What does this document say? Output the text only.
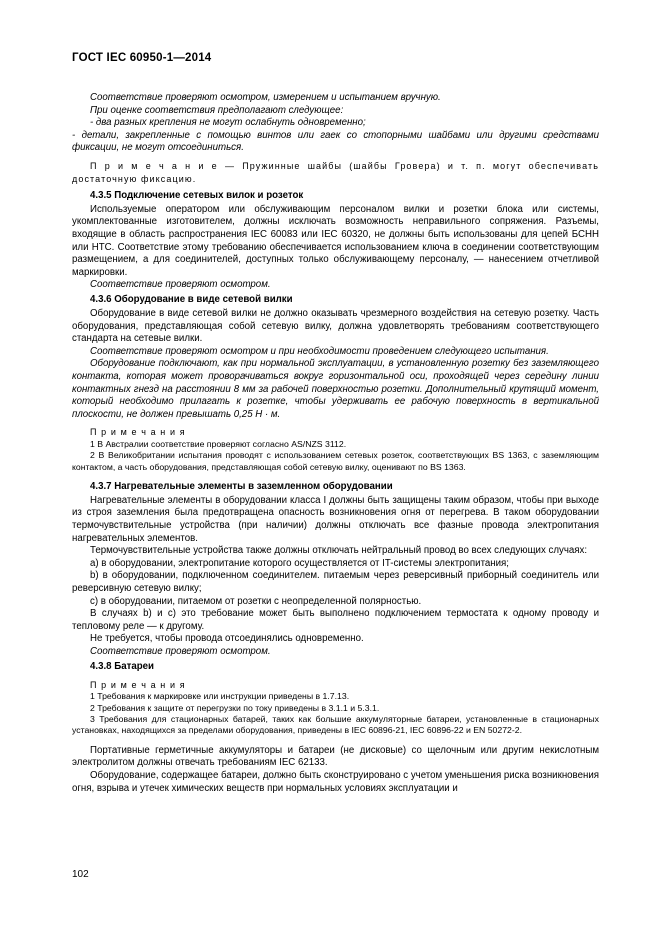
ГОСТ IEC 60950-1—2014

Соответствие проверяют осмотром, измерением и испытанием вручную.

При оценке соответствия предполагают следующее:

- два разных крепления не могут ослабнуть одновременно;

- детали, закрепленные с помощью винтов или гаек со стопорными шайбами или другими средствами фиксации, не могут отсоединиться.

П р и м е ч а н и е — Пружинные шайбы (шайбы Гровера) и т. п. могут обеспечивать достаточную фиксацию.

4.3.5 Подключение сетевых вилок и розеток

Используемые оператором или обслуживающим персоналом вилки и розетки блока или системы, укомплектованные изготовителем, должны исключать возможность неправильного сопряжения. Разъемы, входящие в область распространения IEC 60083 или IEC 60320, не должны быть использованы для цепей БСНН или НТС. Соответствие этому требованию обеспечивается использованием ключа в соединении соответствующим размещением, а для соединителей, доступных только обслуживающему персоналу, — нанесением отчетливой маркировки.

Соответствие проверяют осмотром.

4.3.6 Оборудование в виде сетевой вилки

Оборудование в виде сетевой вилки не должно оказывать чрезмерного воздействия на сетевую розетку. Часть оборудования, представляющая собой сетевую вилку, должна удовлетворять требованиям соответствующего стандарта на сетевые вилки.

Соответствие проверяют осмотром и при необходимости проведением следующего испытания.

Оборудование подключают, как при нормальной эксплуатации, в установленную розетку без заземляющего контакта, которая может проворачиваться вокруг горизонтальной оси, проходящей через середину линии контактных гнезд на расстоянии 8 мм за рабочей поверхностью розетки. Дополнительный крутящий момент, который необходимо прилагать к розетке, чтобы удерживать ее рабочую поверхность в вертикальной плоскости, не должен превышать 0,25 Н · м.

П р и м е ч а н и я

1 В Австралии соответствие проверяют согласно AS/NZS 3112.

2 В Великобритании испытания проводят с использованием сетевых розеток, соответствующих BS 1363, с заземляющим контактом, а часть оборудования, представляющая собой сетевую вилку, оценивают по BS 1363.

4.3.7 Нагревательные элементы в заземленном оборудовании

Нагревательные элементы в оборудовании класса I должны быть защищены таким образом, чтобы при выходе из строя заземления была предотвращена опасность возникновения огня от перегрева. В таком оборудовании термочувствительные устройства (при наличии) должны отключать все фазные провода электропитания нагревательных элементов.

Термочувствительные устройства также должны отключать нейтральный провод во всех следующих случаях:

a) в оборудовании, электропитание которого осуществляется от IT-системы электропитания;

b) в оборудовании, подключенном соединителем. питаемым через реверсивный приборный соединитель или реверсивную сетевую вилку;

c) в оборудовании, питаемом от розетки с неопределенной полярностью.

В случаях b) и c) это требование может быть выполнено подключением термостата к одному проводу и тепловому реле — к другому.

Не требуется, чтобы провода отсоединялись одновременно.

Соответствие проверяют осмотром.

4.3.8 Батареи

П р и м е ч а н и я

1 Требования к маркировке или инструкции приведены в 1.7.13.

2 Требования к защите от перегрузки по току приведены в 3.1.1 и 5.3.1.

3 Требования для стационарных батарей, таких как большие аккумуляторные батареи, установленные в стационарных установках, находящихся за пределами оборудования, приведены в IEC 60896-21, IEC 60896-22 и EN 50272-2.

Портативные герметичные аккумуляторы и батареи (не дисковые) со щелочным или другим некислотным электролитом должны отвечать требованиям IEC 62133.

Оборудование, содержащее батареи, должно быть сконструировано с учетом уменьшения риска возникновения огня, взрыва и утечек химических веществ при нормальных условиях эксплуатации и

102
